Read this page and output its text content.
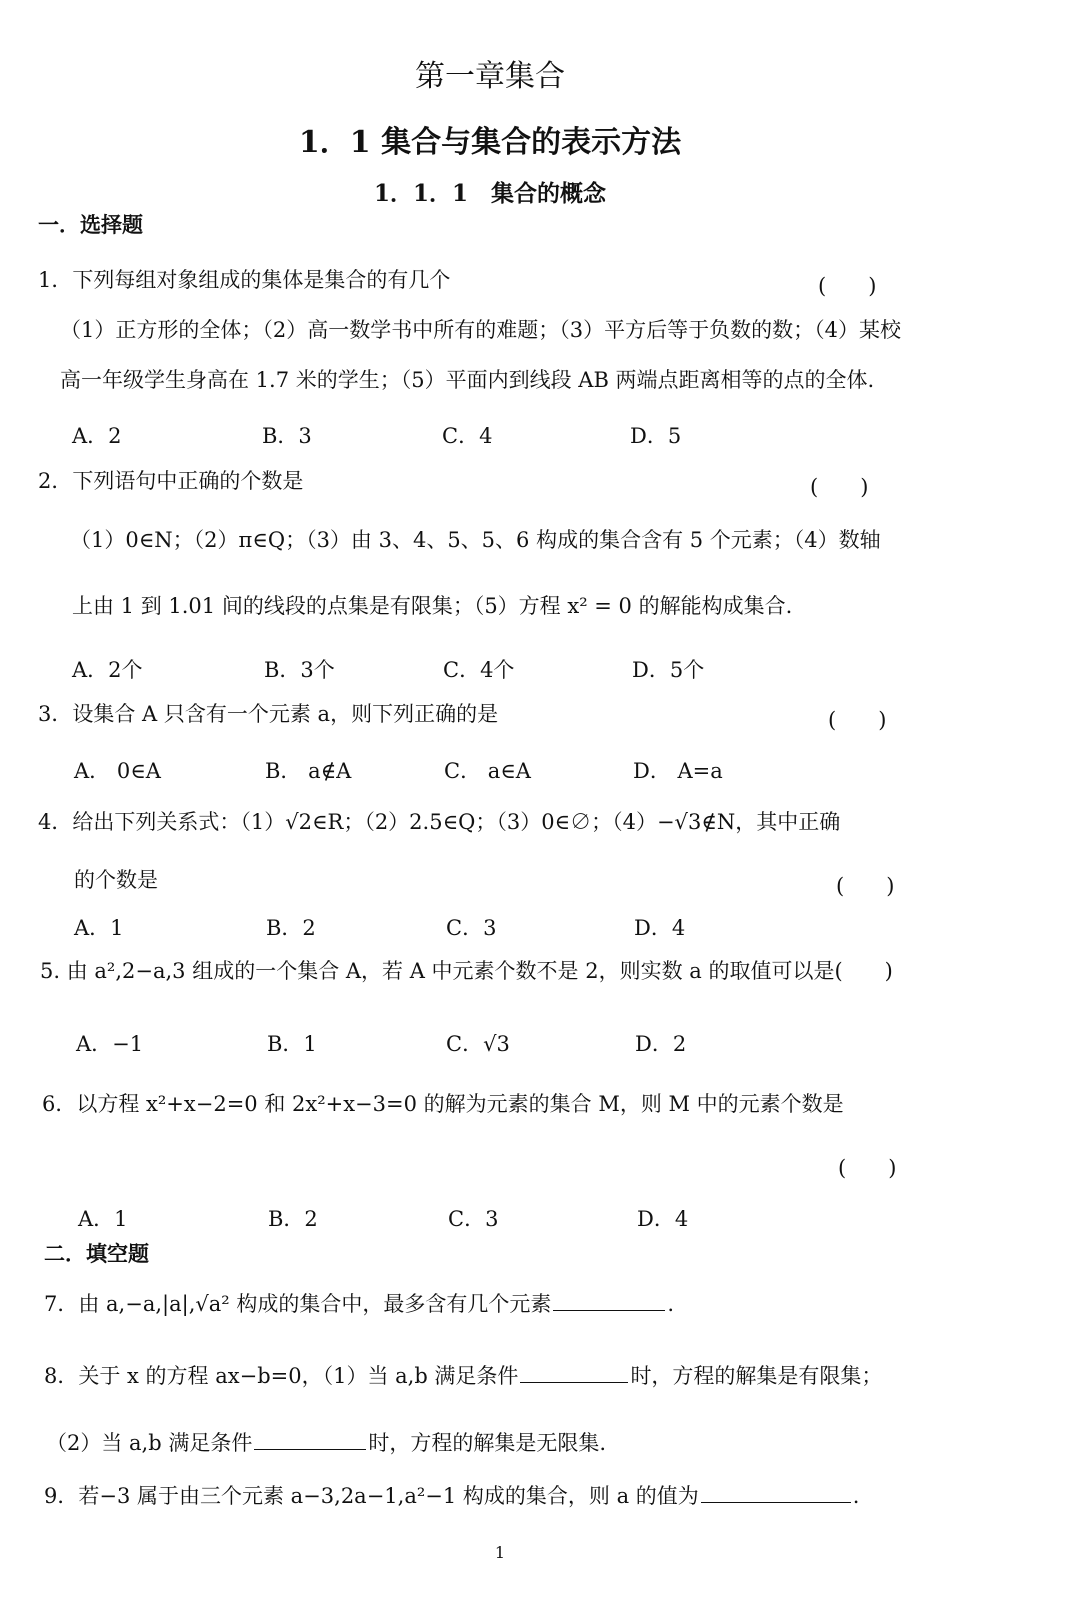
第一章集合
1．1 集合与集合的表示方法
1．1．1　集合的概念
一．选择题
1．下列每组对象组成的集体是集合的有几个	(　　)
（1）正方形的全体；（2）高一数学书中所有的难题；（3）平方后等于负数的数；（4）某校
高一年级学生身高在 1.7 米的学生；（5）平面内到线段 AB 两端点距离相等的点的全体.
A．2	B．3	C．4	D．5
2．下列语句中正确的个数是	(　　)
（1）0∈N；（2）π∈Q；（3）由 3、4、5、5、6 构成的集合含有 5 个元素；（4）数轴
上由 1 到 1.01 间的线段的点集是有限集；（5）方程 x² = 0 的解能构成集合.
A．2个	B．3个	C．4个	D．5个
3．设集合 A 只含有一个元素 a，则下列正确的是	(　　)
A． 0∈A	B． a∉A	C． a∈A	D． A=a
4．给出下列关系式：（1）√2∈R；（2）2.5∈Q；（3）0∈∅；（4）−√3∉N，其中正确
的个数是	(　　)
A．1	B．2	C．3	D．4
5. 由 a²,2−a,3 组成的一个集合 A，若 A 中元素个数不是 2，则实数 a 的取值可以是(　　)
A．−1	B．1	C．√3	D．2
6．以方程 x²+x−2=0 和 2x²+x−3=0 的解为元素的集合 M，则 M 中的元素个数是
(　　)
A．1	B．2	C．3	D．4
二．填空题
7．由 a,−a,|a|,√a² 构成的集合中，最多含有几个元素	.
8．关于 x 的方程 ax−b=0，（1）当 a,b 满足条件	时，方程的解集是有限集；
（2）当 a,b 满足条件	时，方程的解集是无限集.
9．若−3 属于由三个元素 a−3,2a−1,a²−1 构成的集合，则 a 的值为	.
1
